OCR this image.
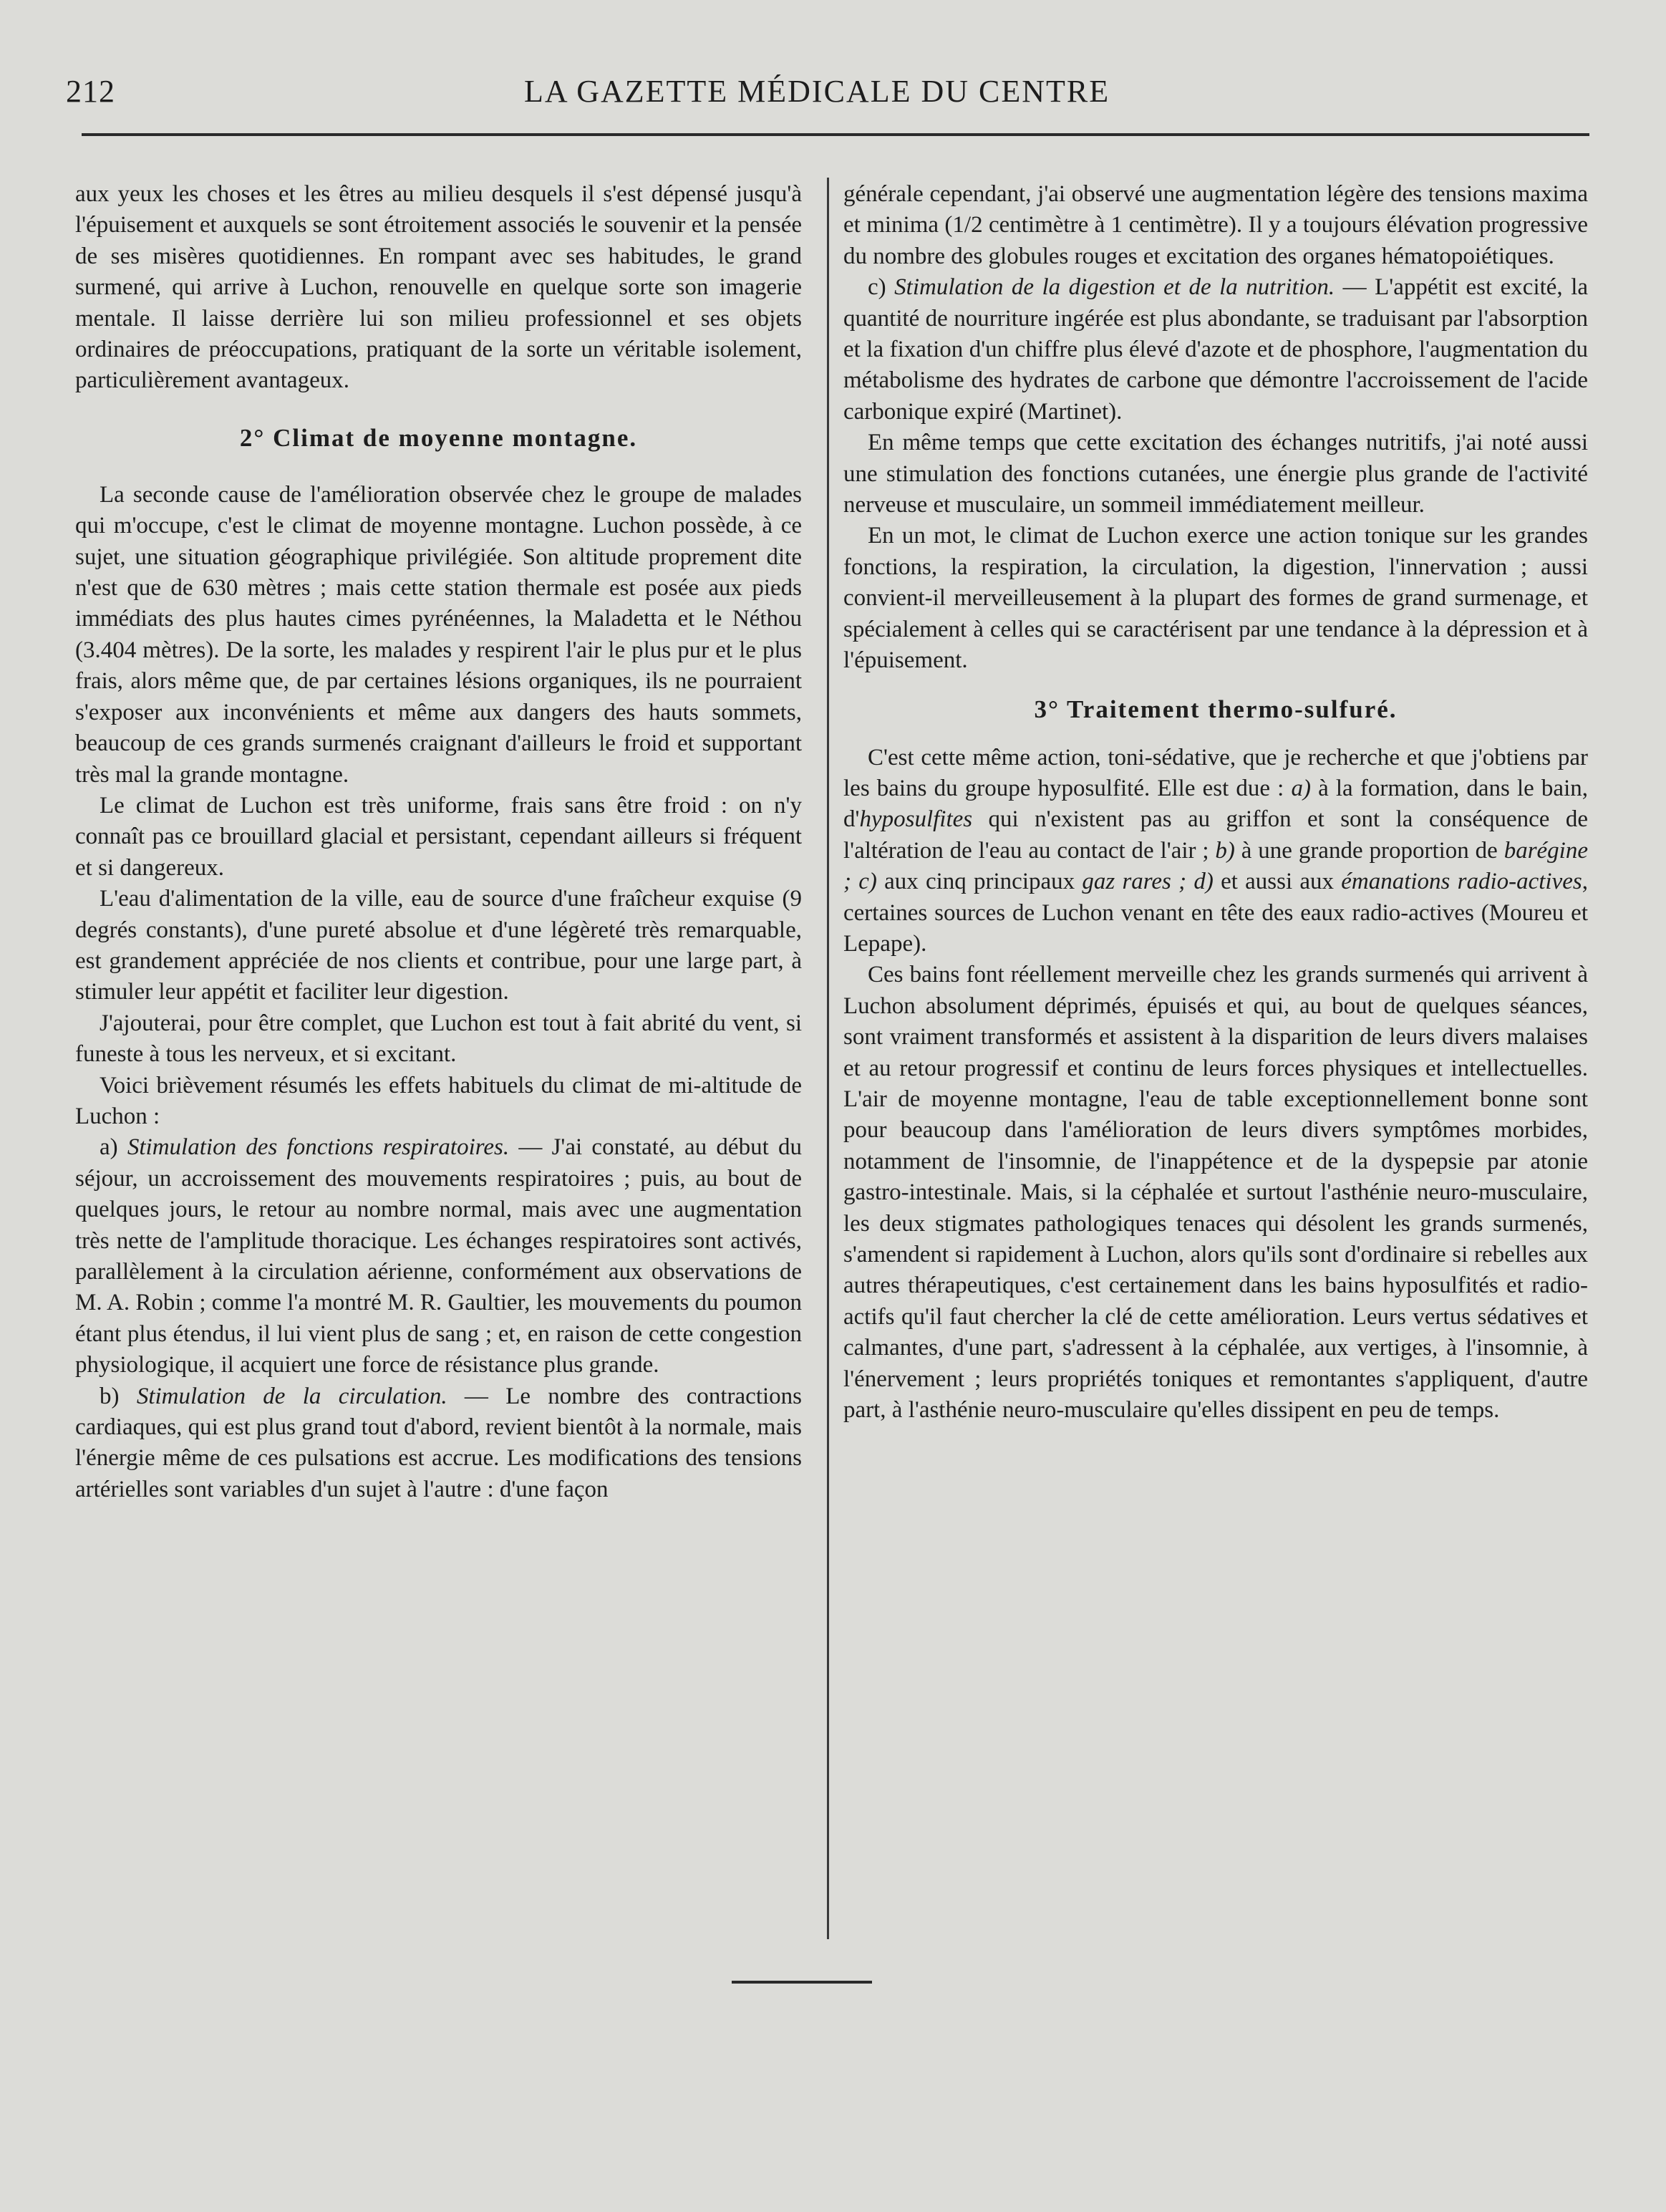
212	LA GAZETTE MÉDICALE DU CENTRE

aux yeux les choses et les êtres au milieu desquels il s'est dépensé jusqu'à l'épuisement et auxquels se sont étroitement associés le souvenir et la pensée de ses misères quotidiennes. En rompant avec ses habitudes, le grand surmené, qui arrive à Luchon, renouvelle en quelque sorte son imagerie mentale. Il laisse derrière lui son milieu professionnel et ses objets ordinaires de préoccupations, pratiquant de la sorte un véritable isolement, particulièrement avantageux.

2° Climat de moyenne montagne.

La seconde cause de l'amélioration observée chez le groupe de malades qui m'occupe, c'est le climat de moyenne montagne. Luchon possède, à ce sujet, une situation géographique privilégiée. Son altitude proprement dite n'est que de 630 mètres ; mais cette station thermale est posée aux pieds immédiats des plus hautes cimes pyrénéennes, la Maladetta et le Néthou (3.404 mètres). De la sorte, les malades y respirent l'air le plus pur et le plus frais, alors même que, de par certaines lésions organiques, ils ne pourraient s'exposer aux inconvénients et même aux dangers des hauts sommets, beaucoup de ces grands surmenés craignant d'ailleurs le froid et supportant très mal la grande montagne.

Le climat de Luchon est très uniforme, frais sans être froid : on n'y connaît pas ce brouillard glacial et persistant, cependant ailleurs si fréquent et si dangereux.

L'eau d'alimentation de la ville, eau de source d'une fraîcheur exquise (9 degrés constants), d'une pureté absolue et d'une légèreté très remarquable, est grandement appréciée de nos clients et contribue, pour une large part, à stimuler leur appétit et faciliter leur digestion.

J'ajouterai, pour être complet, que Luchon est tout à fait abrité du vent, si funeste à tous les nerveux, et si excitant.

Voici brièvement résumés les effets habituels du climat de mi-altitude de Luchon :

a) Stimulation des fonctions respiratoires. — J'ai constaté, au début du séjour, un accroissement des mouvements respiratoires ; puis, au bout de quelques jours, le retour au nombre normal, mais avec une augmentation très nette de l'amplitude thoracique. Les échanges respiratoires sont activés, parallèlement à la circulation aérienne, conformément aux observations de M. A. Robin ; comme l'a montré M. R. Gaultier, les mouvements du poumon étant plus étendus, il lui vient plus de sang ; et, en raison de cette congestion physiologique, il acquiert une force de résistance plus grande.

b) Stimulation de la circulation. — Le nombre des contractions cardiaques, qui est plus grand tout d'abord, revient bientôt à la normale, mais l'énergie même de ces pulsations est accrue. Les modifications des tensions artérielles sont variables d'un sujet à l'autre : d'une façon

générale cependant, j'ai observé une augmentation légère des tensions maxima et minima (1/2 centimètre à 1 centimètre). Il y a toujours élévation progressive du nombre des globules rouges et excitation des organes hématopoiétiques.

c) Stimulation de la digestion et de la nutrition. — L'appétit est excité, la quantité de nourriture ingérée est plus abondante, se traduisant par l'absorption et la fixation d'un chiffre plus élevé d'azote et de phosphore, l'augmentation du métabolisme des hydrates de carbone que démontre l'accroissement de l'acide carbonique expiré (Martinet).

En même temps que cette excitation des échanges nutritifs, j'ai noté aussi une stimulation des fonctions cutanées, une énergie plus grande de l'activité nerveuse et musculaire, un sommeil immédiatement meilleur.

En un mot, le climat de Luchon exerce une action tonique sur les grandes fonctions, la respiration, la circulation, la digestion, l'innervation ; aussi convient-il merveilleusement à la plupart des formes de grand surmenage, et spécialement à celles qui se caractérisent par une tendance à la dépression et à l'épuisement.

3° Traitement thermo-sulfuré.

C'est cette même action, toni-sédative, que je recherche et que j'obtiens par les bains du groupe hyposulfité. Elle est due : a) à la formation, dans le bain, d'hyposulfites qui n'existent pas au griffon et sont la conséquence de l'altération de l'eau au contact de l'air ; b) à une grande proportion de barégine ; c) aux cinq principaux gaz rares ; d) et aussi aux émanations radio-actives, certaines sources de Luchon venant en tête des eaux radio-actives (Moureu et Lepape).

Ces bains font réellement merveille chez les grands surmenés qui arrivent à Luchon absolument déprimés, épuisés et qui, au bout de quelques séances, sont vraiment transformés et assistent à la disparition de leurs divers malaises et au retour progressif et continu de leurs forces physiques et intellectuelles. L'air de moyenne montagne, l'eau de table exceptionnellement bonne sont pour beaucoup dans l'amélioration de leurs divers symptômes morbides, notamment de l'insomnie, de l'inappétence et de la dyspepsie par atonie gastro-intestinale. Mais, si la céphalée et surtout l'asthénie neuro-musculaire, les deux stigmates pathologiques tenaces qui désolent les grands surmenés, s'amendent si rapidement à Luchon, alors qu'ils sont d'ordinaire si rebelles aux autres thérapeutiques, c'est certainement dans les bains hyposulfités et radio-actifs qu'il faut chercher la clé de cette amélioration. Leurs vertus sédatives et calmantes, d'une part, s'adressent à la céphalée, aux vertiges, à l'insomnie, à l'énervement ; leurs propriétés toniques et remontantes s'appliquent, d'autre part, à l'asthénie neuro-musculaire qu'elles dissipent en peu de temps.
